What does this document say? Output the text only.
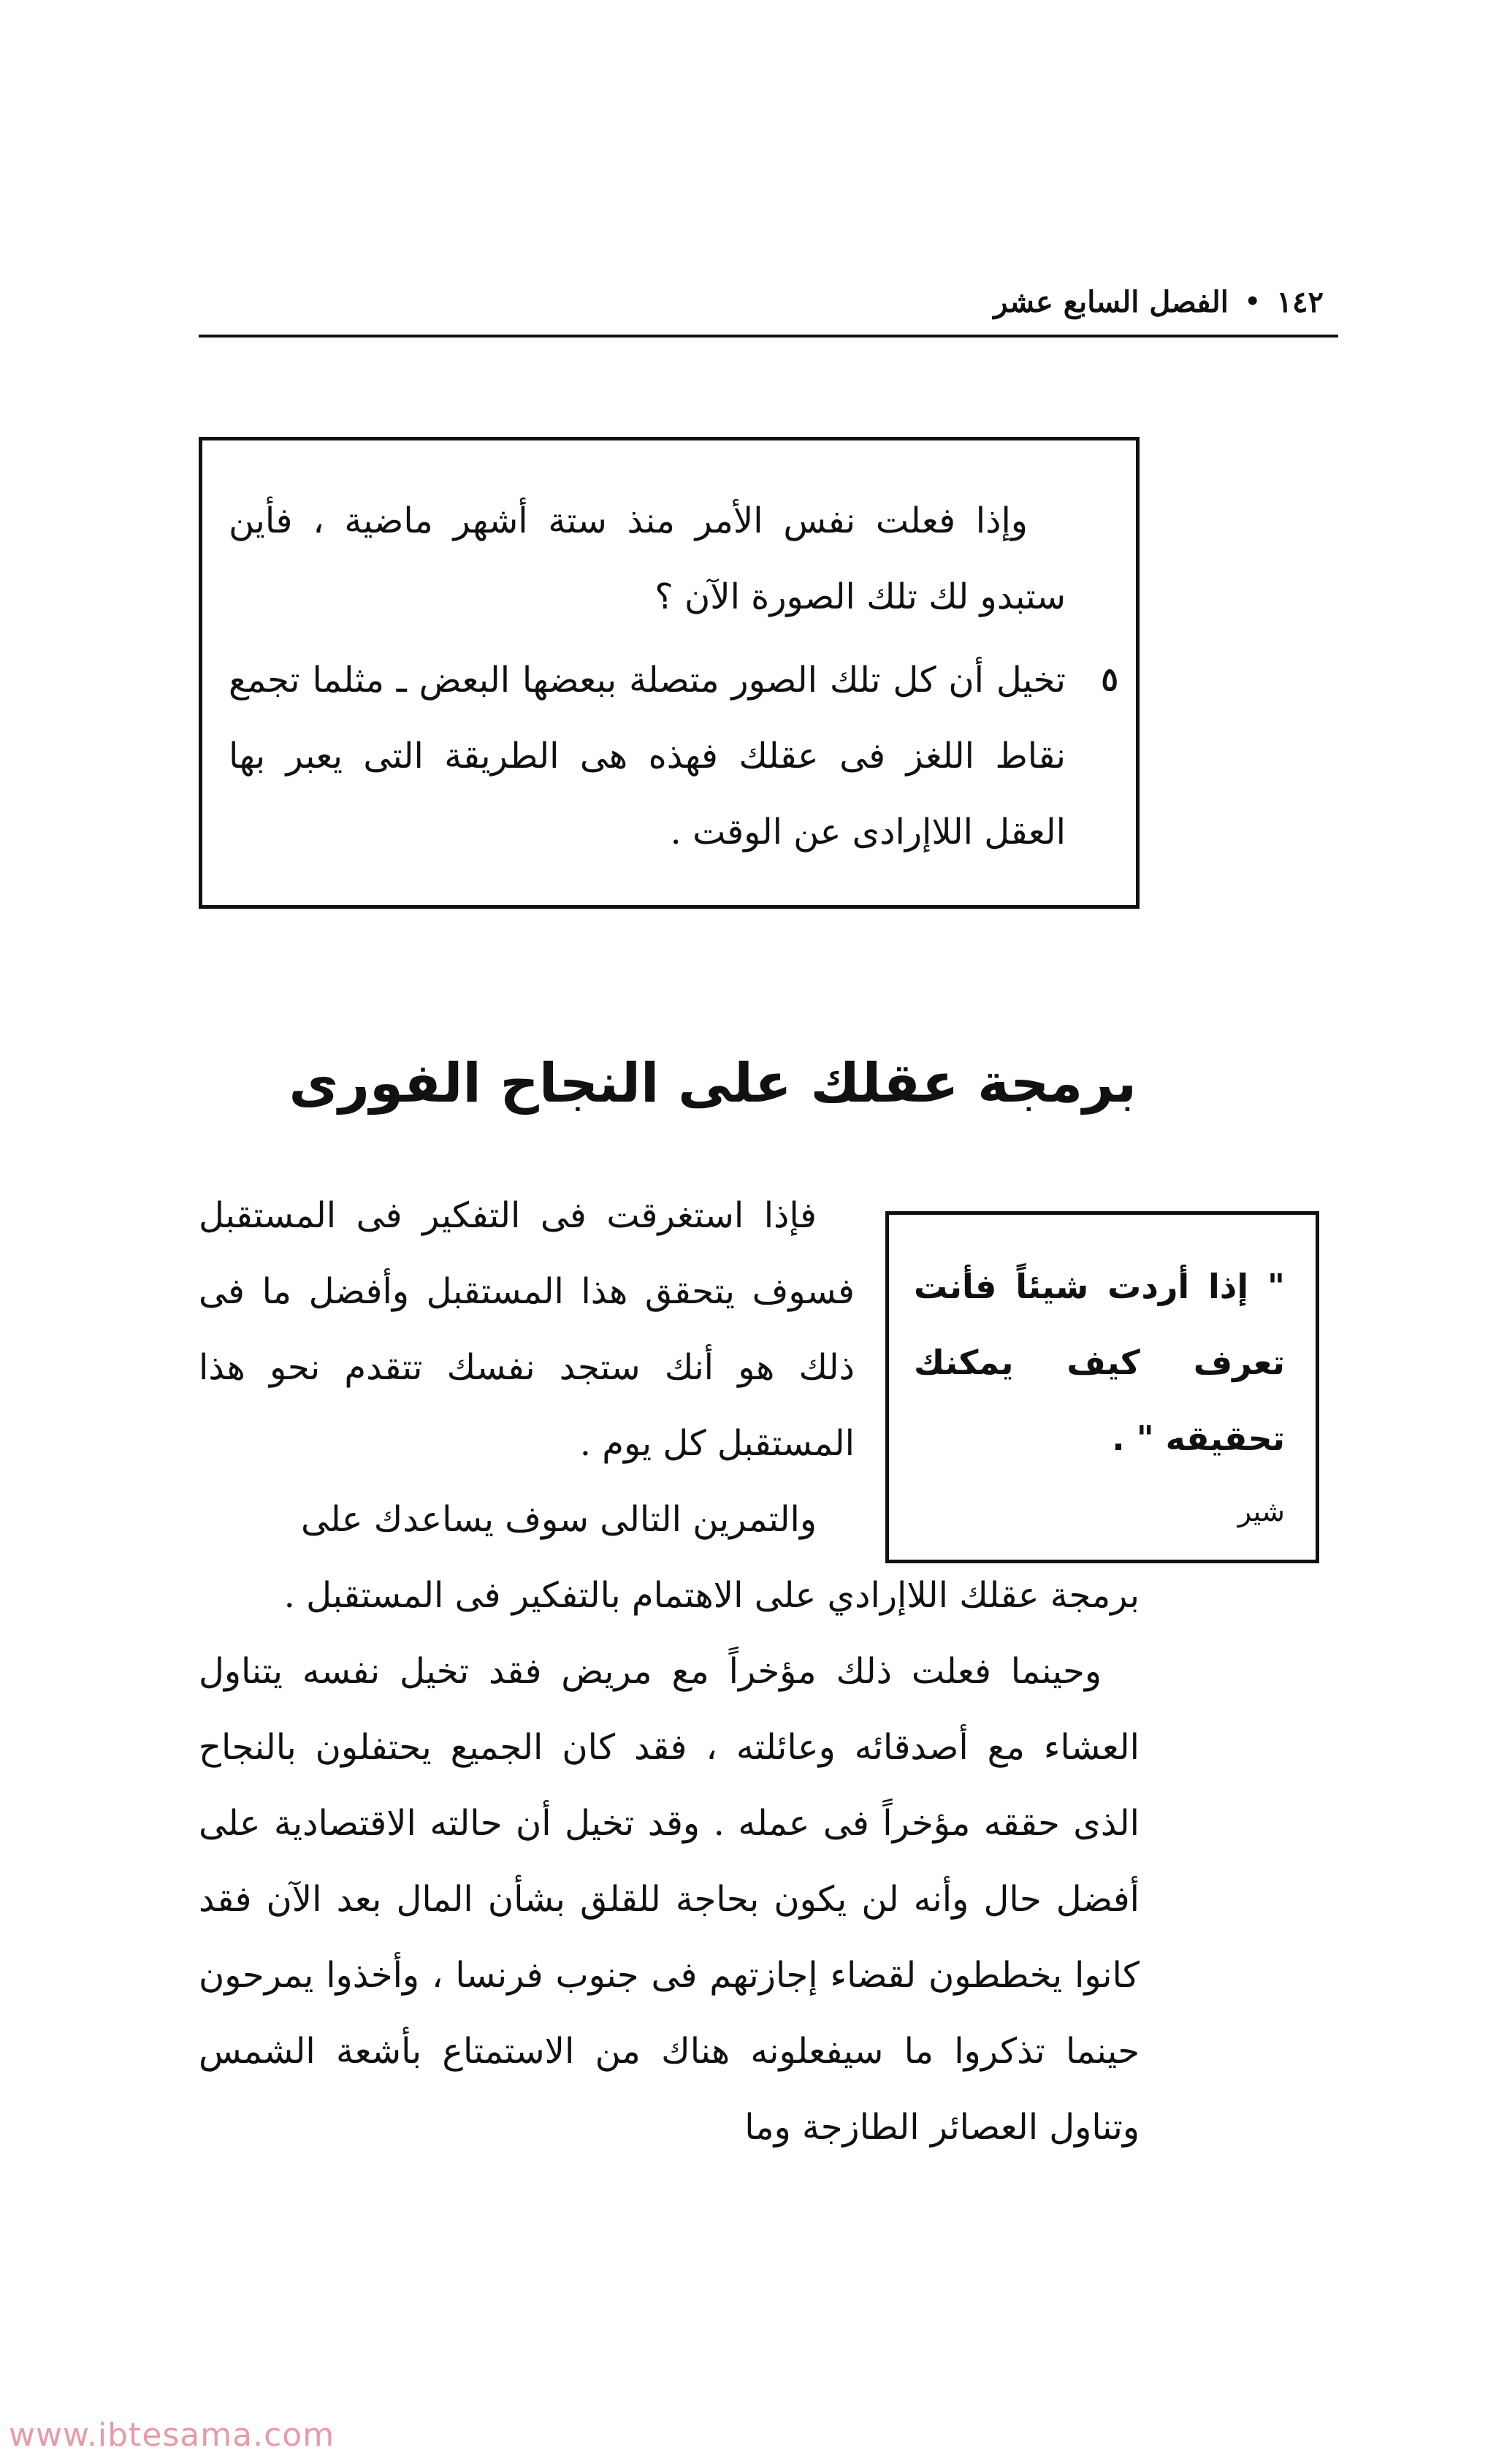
١٤٢
•
الفصل السابع عشر

وإذا فعلت نفس الأمر منذ ستة أشهر ماضية ، فأين ستبدو لك تلك الصورة الآن ؟

٥

تخيل أن كل تلك الصور متصلة ببعضها البعض ـ مثلما تجمع نقاط اللغز فى عقلك فهذه هى الطريقة التى يعبر بها العقل اللاإرادى عن الوقت .

برمجة عقلك على النجاح الفورى

" إذا أردت شيئاً فأنت تعرف كيف يمكنك تحقيقه " .

شير

فإذا استغرقت فى التفكير فى المستقبل فسوف يتحقق هذا المستقبل وأفضل ما فى ذلك هو أنك ستجد نفسك تتقدم نحو هذا المستقبل كل يوم .

والتمرين التالى سوف يساعدك على

برمجة عقلك اللاإرادي على الاهتمام بالتفكير فى المستقبل .

وحينما فعلت ذلك مؤخراً مع مريض فقد تخيل نفسه يتناول العشاء مع أصدقائه وعائلته ، فقد كان الجميع يحتفلون بالنجاح الذى حققه مؤخراً فى عمله . وقد تخيل أن حالته الاقتصادية على أفضل حال وأنه لن يكون بحاجة للقلق بشأن المال بعد الآن فقد كانوا يخططون لقضاء إجازتهم فى جنوب فرنسا ، وأخذوا يمرحون حينما تذكروا ما سيفعلونه هناك من الاستمتاع بأشعة الشمس وتناول العصائر الطازجة وما

www.ibtesama.com
